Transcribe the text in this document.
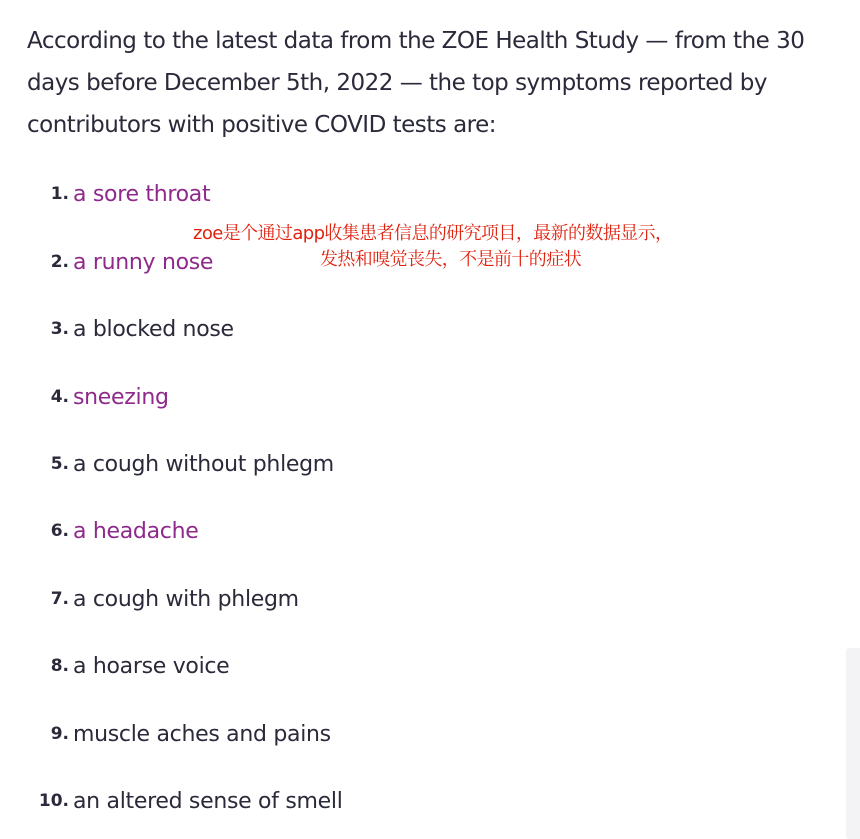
According to the latest data from the ZOE Health Study — from the 30
days before December 5th, 2022 — the top symptoms reported by
contributors with positive COVID tests are:

1. a sore throat
2. a runny nose
3. a blocked nose
4. sneezing
5. a cough without phlegm
6. a headache
7. a cough with phlegm
8. a hoarse voice
9. muscle aches and pains
10. an altered sense of smell
zoe是个通过app收集患者信息的研究项目，最新的数据显示，
发热和嗅觉丧失，不是前十的症状
